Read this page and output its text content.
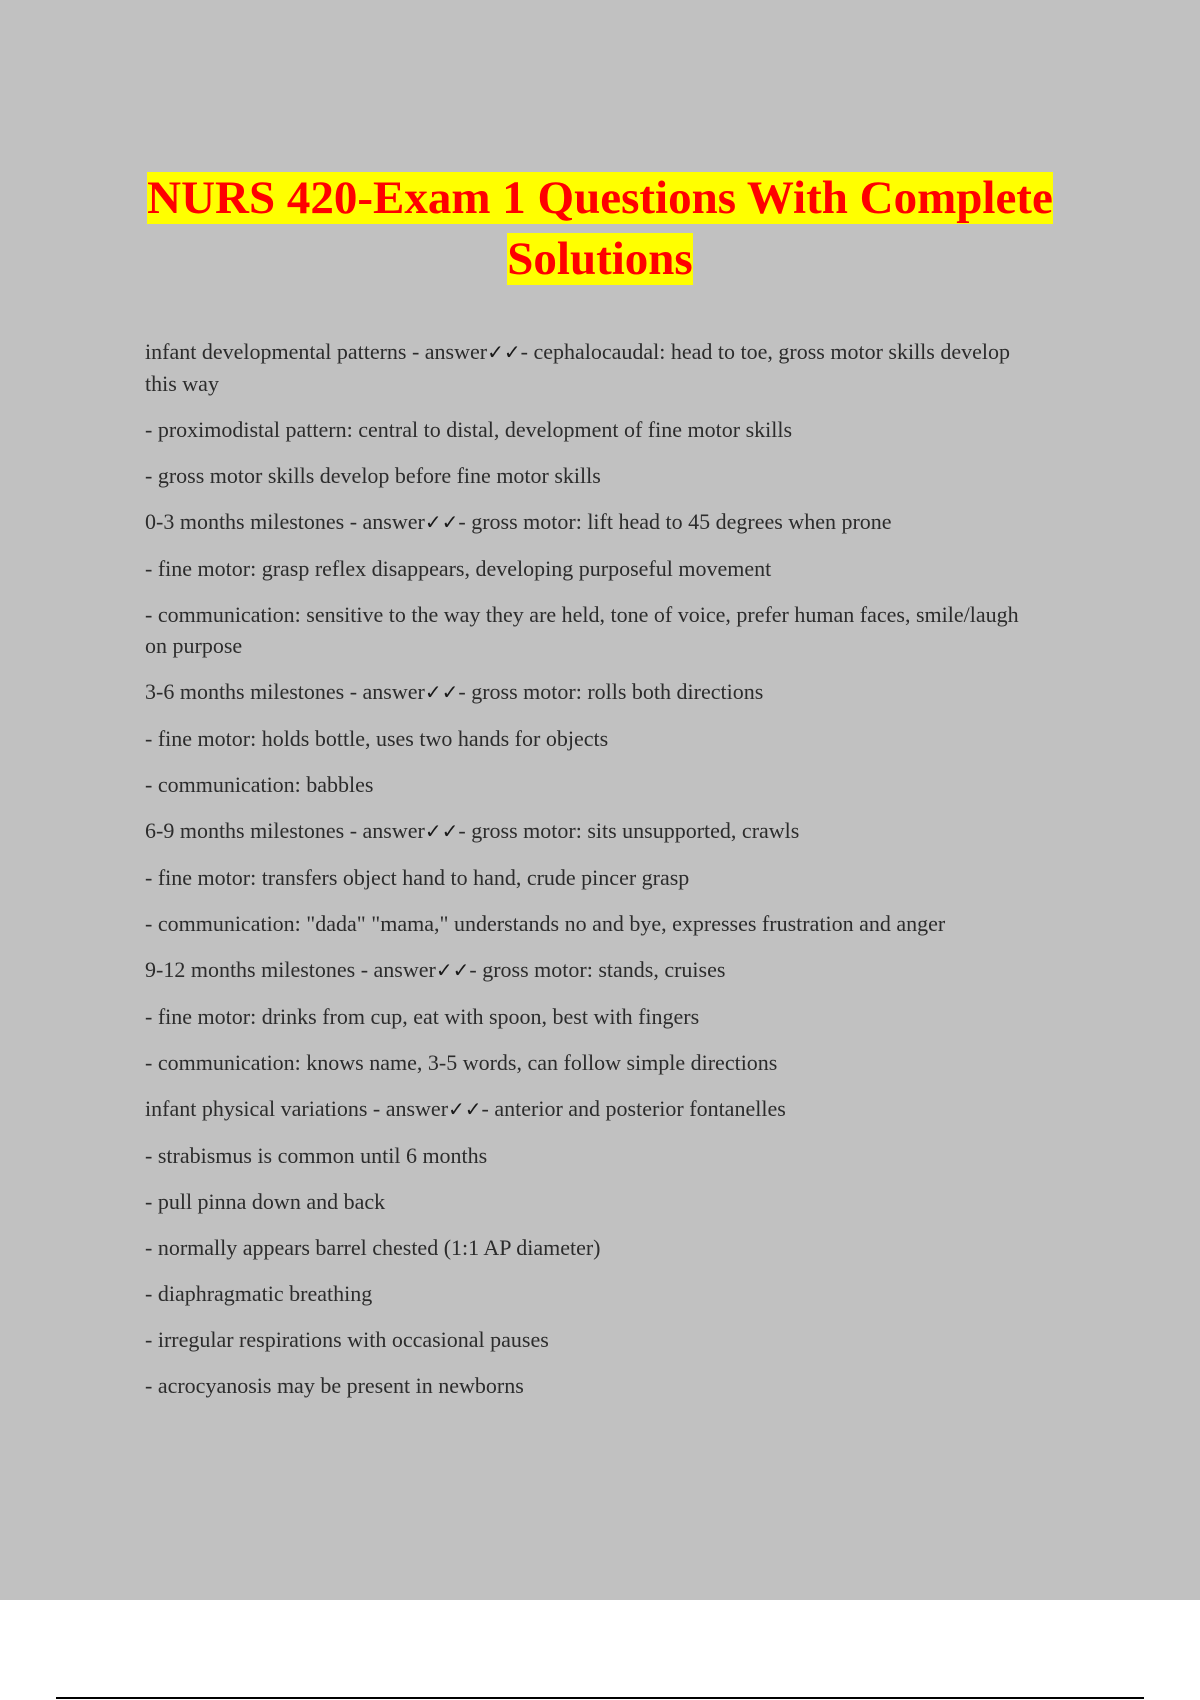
NURS 420-Exam 1 Questions With Complete
Solutions

infant developmental patterns - answer✓✓- cephalocaudal: head to toe, gross motor skills develop this way

- proximodistal pattern: central to distal, development of fine motor skills

- gross motor skills develop before fine motor skills

0-3 months milestones - answer✓✓- gross motor: lift head to 45 degrees when prone

- fine motor: grasp reflex disappears, developing purposeful movement

- communication: sensitive to the way they are held, tone of voice, prefer human faces, smile/laugh on purpose

3-6 months milestones - answer✓✓- gross motor: rolls both directions

- fine motor: holds bottle, uses two hands for objects

- communication: babbles

6-9 months milestones - answer✓✓- gross motor: sits unsupported, crawls

- fine motor: transfers object hand to hand, crude pincer grasp

- communication: "dada" "mama," understands no and bye, expresses frustration and anger

9-12 months milestones - answer✓✓- gross motor: stands, cruises

- fine motor: drinks from cup, eat with spoon, best with fingers

- communication: knows name, 3-5 words, can follow simple directions

infant physical variations - answer✓✓- anterior and posterior fontanelles

- strabismus is common until 6 months

- pull pinna down and back

- normally appears barrel chested (1:1 AP diameter)

- diaphragmatic breathing

- irregular respirations with occasional pauses

- acrocyanosis may be present in newborns
